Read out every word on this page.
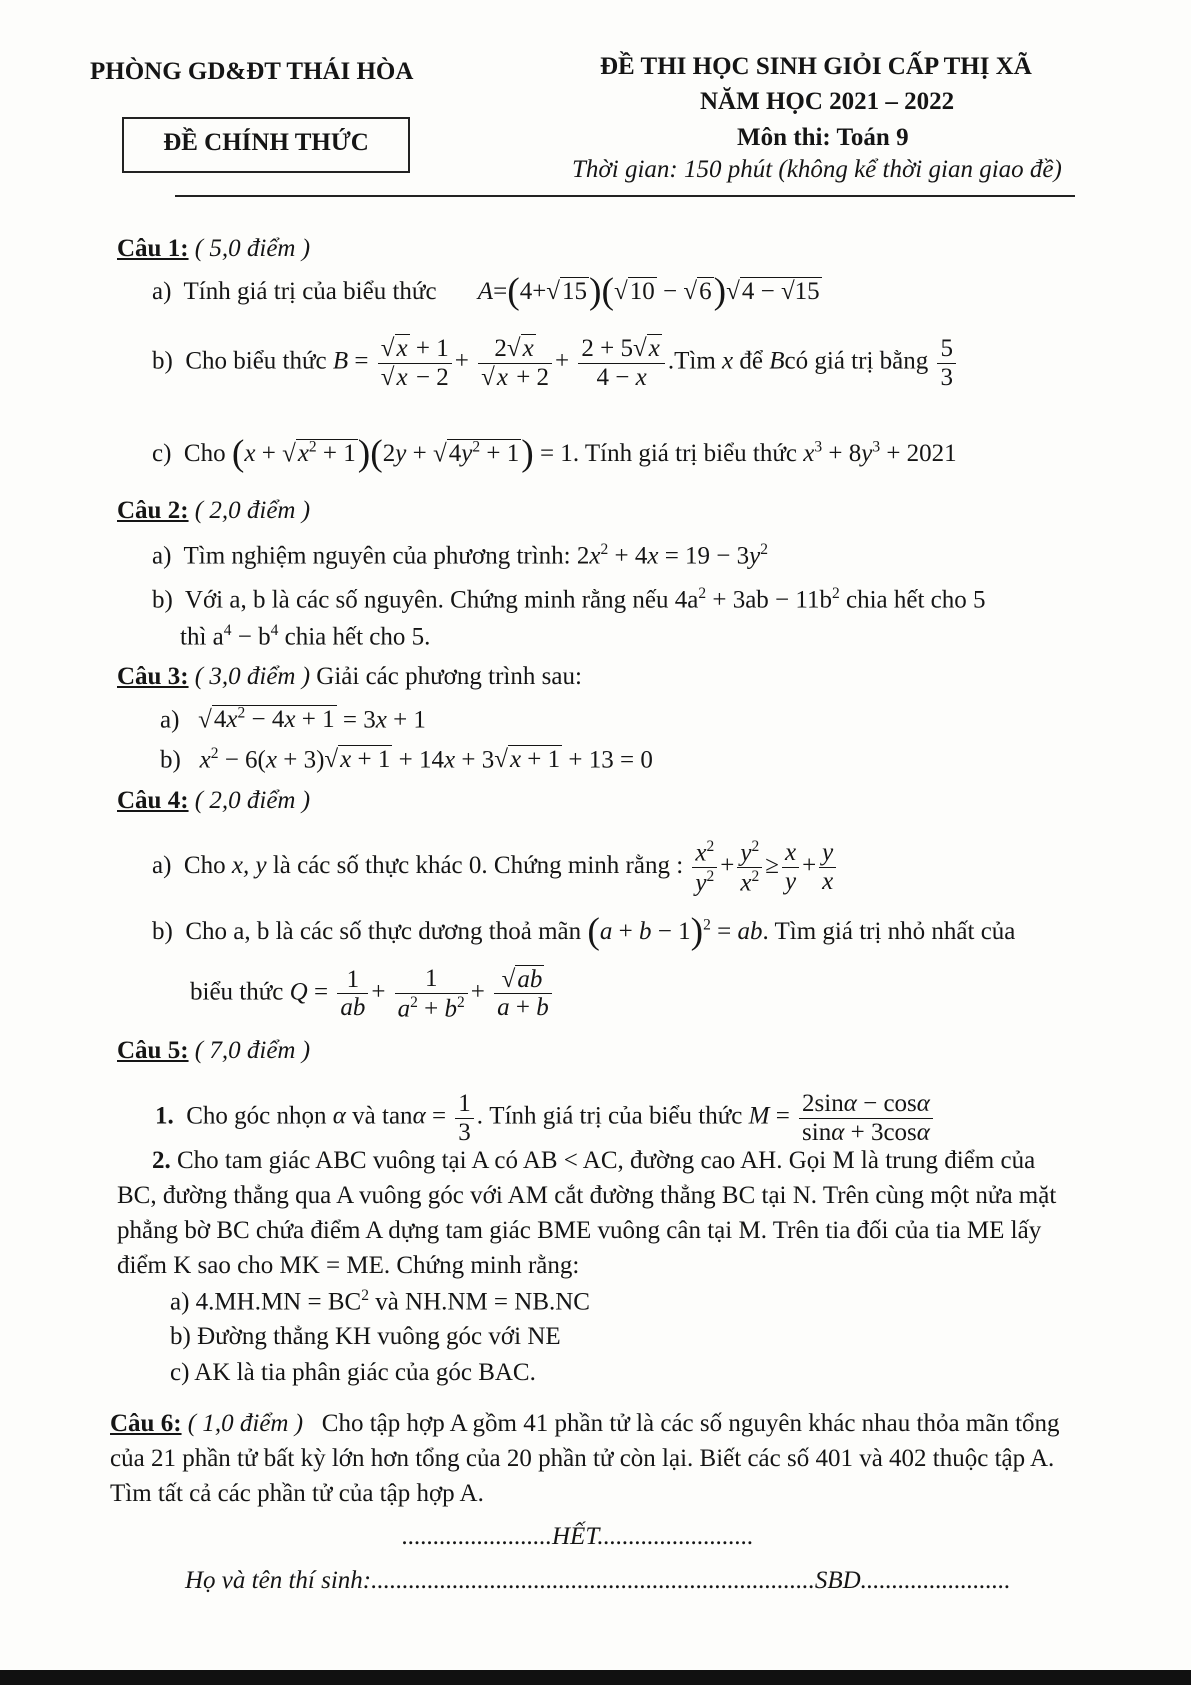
PHÒNG GD&ĐT THÁI HÒA
ĐỀ CHÍNH THỨC
ĐỀ THI HỌC SINH GIỎI CẤP THỊ XÃ
NĂM HỌC 2021 – 2022
Môn thi: Toán 9
Thời gian: 150 phút (không kể thời gian giao đề)
Câu 1: ( 5,0 điểm )
a) Tính giá trị của biểu thức A=(4+√15)(√10 − √6)√4 − √15
b) Cho biểu thức $B = \frac{√x + 1}{√x - 2} + \frac{2√x}{√x + 2} + \frac{2 + 5√x}{4 - x}$ .Tìm x để Bcó giá trị bằng $\frac{5}{3}$
c) Cho $(x + √x^2 + 1)(2y + √4y^2 + 1) = 1$. Tính giá trị biểu thức $x^3 + 8y^3 + 2021$
Câu 2: ( 2,0 điểm )
a) Tìm nghiệm nguyên của phương trình: $2x^2 + 4x = 19 - 3y^2$
b) Với a, b là các số nguyên. Chứng minh rằng nếu $4a^2 + 3ab - 11b^2$ chia hết cho 5
thì $a^4 - b^4$ chia hết cho 5.
Câu 3: ( 3,0 điểm ) Giải các phương trình sau:
a) $√4x^2 - 4x + 1 = 3x + 1$
b) $x^2 - 6(x + 3)√x + 1 + 14x + 3√x + 1 + 13 = 0$
Câu 4: ( 2,0 điểm )
a) Cho x, y là các số thực khác 0. Chứng minh rằng : $\frac{x^2}{y^2} + \frac{y^2}{x^2} \ge \frac{x}{y} + \frac{y}{x}$
b) Cho a, b là các số thực dương thoả mãn $(a + b - 1)^2$ = ab. Tìm giá trị nhỏ nhất của
biểu thức $Q = \frac{1}{ab} + \frac{1}{a^2 + b^2} + \frac{√ab}{a + b}$
Câu 5: ( 7,0 điểm )
1. Cho góc nhọn α và $\tan\alpha = \frac{1}{3}$ . Tính giá trị của biểu thức $M = \frac{2\sin\alpha - \cos\alpha}{\sin\alpha + 3\cos\alpha}$
2. Cho tam giác ABC vuông tại A có AB < AC, đường cao AH. Gọi M là trung điểm của BC, đường thẳng qua A vuông góc với AM cắt đường thẳng BC tại N. Trên cùng một nửa mặt phẳng bờ BC chứa điểm A dựng tam giác BME vuông cân tại M. Trên tia đối của tia ME lấy điểm K sao cho MK = ME. Chứng minh rằng:
a) $4.MH.MN = BC^2$ và NH.NM = NB.NC
b) Đường thẳng KH vuông góc với NE
c) AK là tia phân giác của góc BAC.
Câu 6: ( 1,0 điểm ) Cho tập hợp A gồm 41 phần tử là các số nguyên khác nhau thỏa mãn tổng của 21 phần tử bất kỳ lớn hơn tổng của 20 phần tử còn lại. Biết các số 401 và 402 thuộc tập A. Tìm tất cả các phần tử của tập hợp A.
........................HẾT.........................
Họ và tên thí sinh:.......................................................................SBD........................
